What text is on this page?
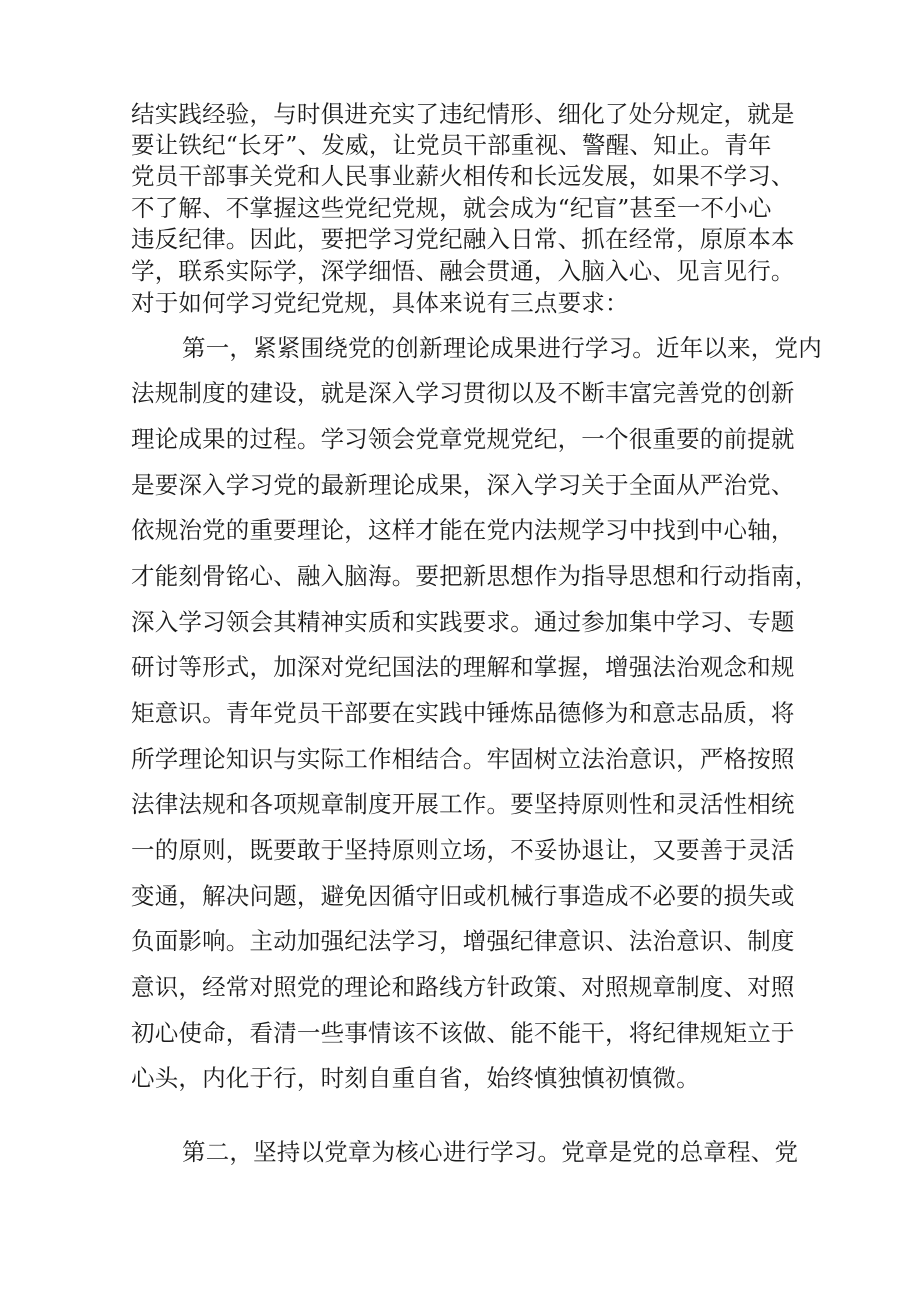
结实践经验，与时俱进充实了违纪情形、细化了处分规定，就是
要让铁纪“长牙”、发威，让党员干部重视、警醒、知止。青年
党员干部事关党和人民事业薪火相传和长远发展，如果不学习、
不了解、不掌握这些党纪党规，就会成为“纪盲”甚至一不小心
违反纪律。因此，要把学习党纪融入日常、抓在经常，原原本本
学，联系实际学，深学细悟、融会贯通，入脑入心、见言见行。
对于如何学习党纪党规，具体来说有三点要求：
第一，紧紧围绕党的创新理论成果进行学习。近年以来，党内
法规制度的建设，就是深入学习贯彻以及不断丰富完善党的创新
理论成果的过程。学习领会党章党规党纪，一个很重要的前提就
是要深入学习党的最新理论成果，深入学习关于全面从严治党、
依规治党的重要理论，这样才能在党内法规学习中找到中心轴，
才能刻骨铭心、融入脑海。要把新思想作为指导思想和行动指南，
深入学习领会其精神实质和实践要求。通过参加集中学习、专题
研讨等形式，加深对党纪国法的理解和掌握，增强法治观念和规
矩意识。青年党员干部要在实践中锤炼品德修为和意志品质，将
所学理论知识与实际工作相结合。牢固树立法治意识，严格按照
法律法规和各项规章制度开展工作。要坚持原则性和灵活性相统
一的原则，既要敢于坚持原则立场，不妥协退让，又要善于灵活
变通，解决问题，避免因循守旧或机械行事造成不必要的损失或
负面影响。主动加强纪法学习，增强纪律意识、法治意识、制度
意识，经常对照党的理论和路线方针政策、对照规章制度、对照
初心使命，看清一些事情该不该做、能不能干，将纪律规矩立于
心头，内化于行，时刻自重自省，始终慎独慎初慎微。
第二，坚持以党章为核心进行学习。党章是党的总章程、党
